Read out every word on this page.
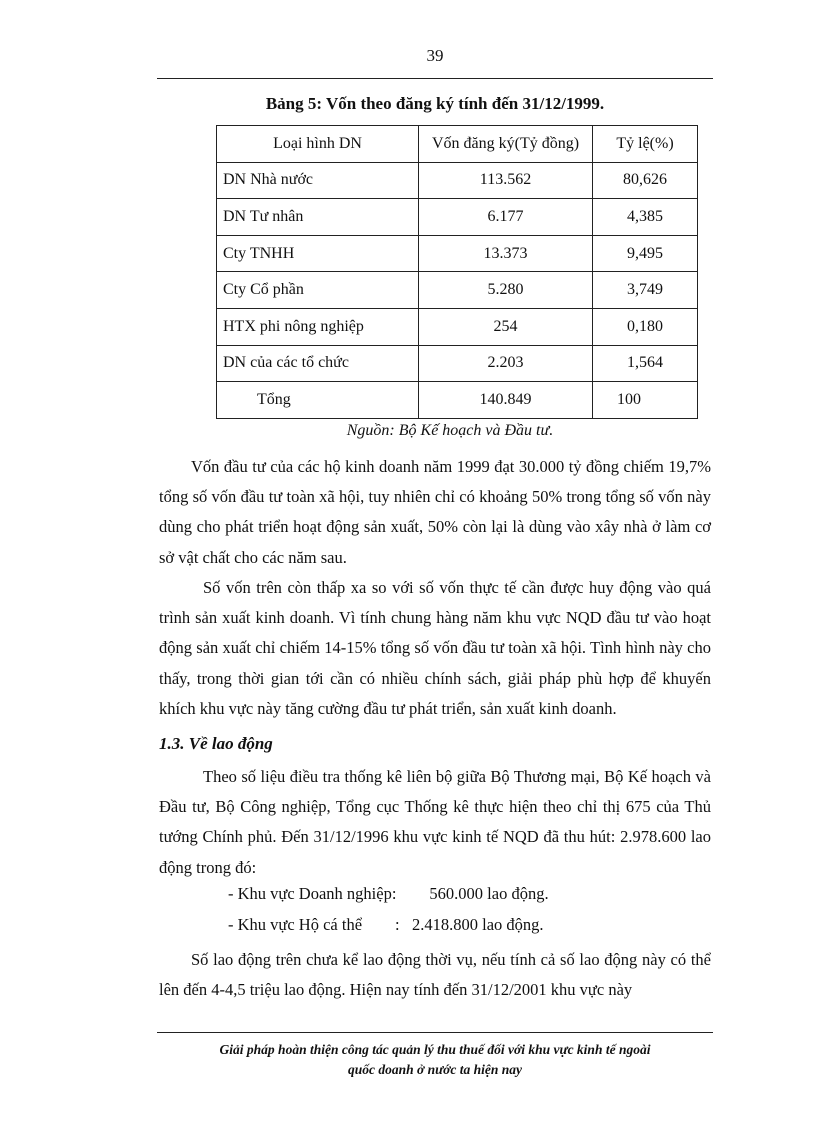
39
Bảng 5: Vốn theo đăng ký tính đến 31/12/1999.
Loại hình DN	Vốn đăng ký(Tỷ đồng)	Tỷ lệ(%)
DN Nhà nước	113.562	80,626
DN Tư nhân	6.177	4,385
Cty TNHH	13.373	9,495
Cty Cổ phần	5.280	3,749
HTX phi nông nghiệp	254	0,180
DN của các tổ chức	2.203	1,564
Tổng	140.849	100
Nguồn: Bộ Kế hoạch và Đầu tư.

Vốn đầu tư của các hộ kinh doanh năm 1999 đạt 30.000 tỷ đồng chiếm 19,7% tổng số vốn đầu tư toàn xã hội, tuy nhiên chỉ có khoảng 50% trong tổng số vốn này dùng cho phát triển hoạt động sản xuất, 50% còn lại là dùng vào xây nhà ở làm cơ sở vật chất cho các năm sau.

Số vốn trên còn thấp xa so với số vốn thực tế cần được huy động vào quá trình sản xuất kinh doanh. Vì tính chung hàng năm khu vực NQD đầu tư vào hoạt động sản xuất chỉ chiếm 14-15% tổng số vốn đầu tư toàn xã hội. Tình hình này cho thấy, trong thời gian tới cần có nhiều chính sách, giải pháp phù hợp để khuyến khích khu vực này tăng cường đầu tư phát triển, sản xuất kinh doanh.

1.3. Về lao động

Theo số liệu điều tra thống kê liên bộ giữa Bộ Thương mại, Bộ Kế hoạch và Đầu tư, Bộ Công nghiệp, Tổng cục Thống kê thực hiện theo chỉ thị 675 của Thủ tướng Chính phủ. Đến 31/12/1996 khu vực kinh tế NQD đã thu hút: 2.978.600 lao động trong đó:

- Khu vực Doanh nghiệp:        560.000 lao động.
- Khu vực Hộ cá thể        :   2.418.800 lao động.

Số lao động trên chưa kể lao động thời vụ, nếu tính cả số lao động này có thể lên đến 4-4,5 triệu lao động. Hiện nay tính đến 31/12/2001 khu vực này

Giải pháp hoàn thiện công tác quản lý thu thuế đối với khu vực kinh tế ngoài
quốc doanh ở nước ta hiện nay
